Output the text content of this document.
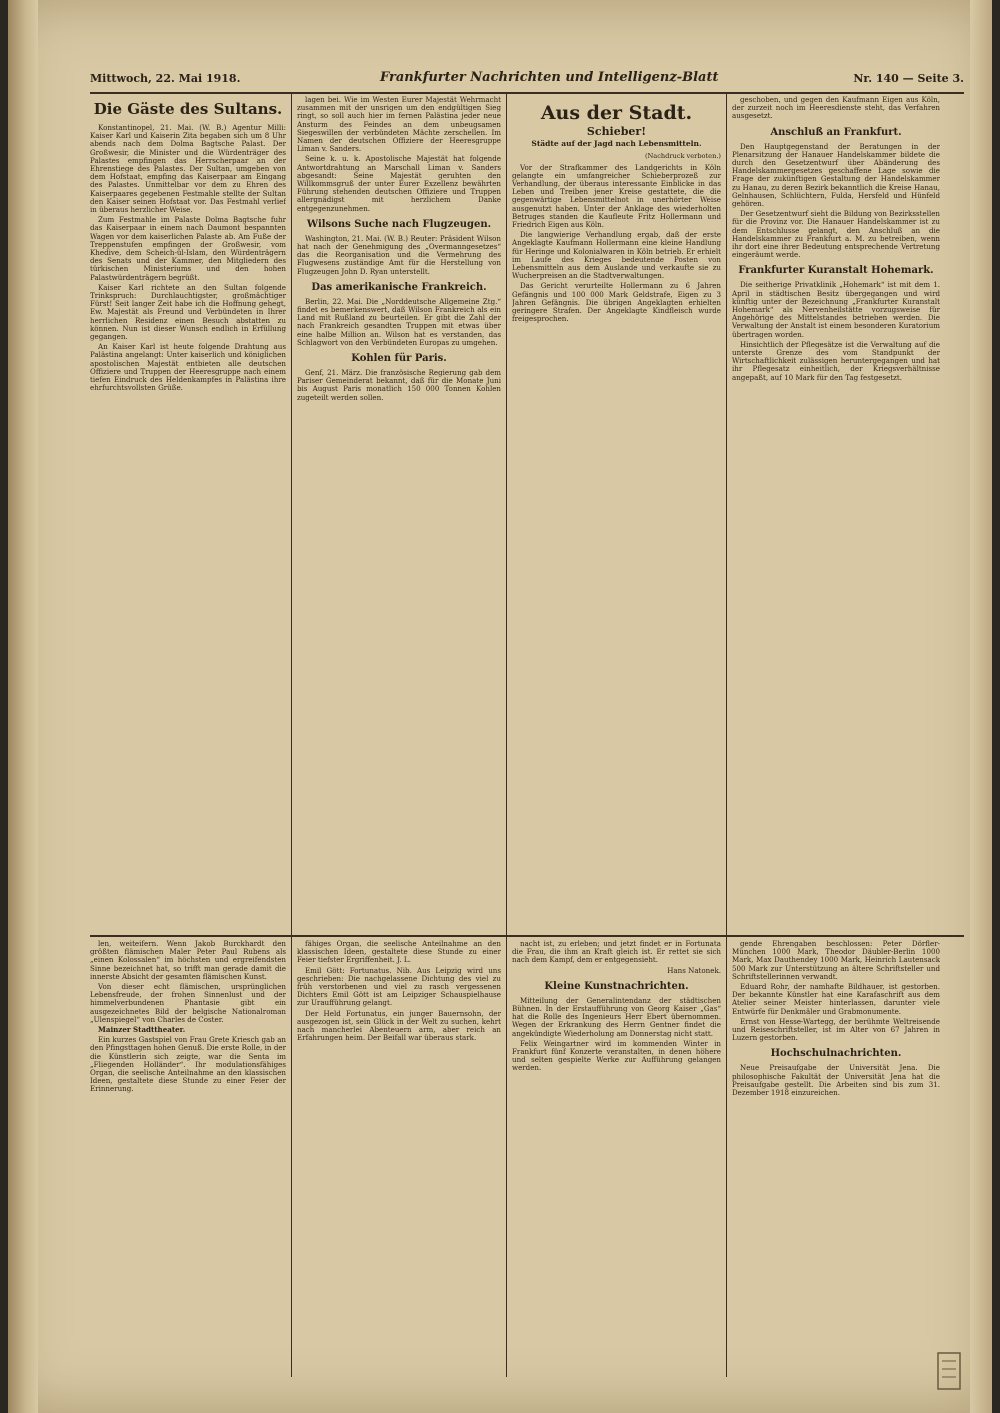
Mittwoch, 22. Mai 1918.	Frankfurter Nachrichten und Intelligenz-Blatt	Nr. 140 — Seite 3.
Die Gäste des Sultans.

Konstantinopel, 21. Mai. (W. B.) Agentur Milli: Kaiser Karl und Kaiserin Zita begaben sich um 8 Uhr abends nach dem Dolma Bagtsche Palast. Der Großwesir, die Minister und die Würdenträger des Palastes empfingen das Herrscherpaar an der Ehrenstiege des Palastes. Der Sultan, umgeben von dem Hofstaat, empfing das Kaiserpaar am Eingang des Palastes. Unmittelbar vor dem zu Ehren des Kaiserpaares gegebenen Festmahle stellte der Sultan den Kaiser seinen Hofstaat vor. Das Festmahl verlief in überaus herzlicher Weise.

Zum Festmahle im Palaste Dolma Bagtsche fuhr das Kaiserpaar in einem nach Daumont bespannten Wagen vor dem kaiserlichen Palaste ab. Am Fuße der Treppenstufen empfingen der Großwesir, vom Khedive, dem Scheich-ül-Islam, den Würdenträgern des Senats und der Kammer, den Mitgliedern des türkischen Ministeriums und den hohen Palastwürdenträgern begrüßt.

Kaiser Karl richtete an den Sultan folgende Trinkspruch: Durchlauchtigster, großmächtiger Fürst! Seit langer Zeit habe ich die Hoffnung gehegt, Ew. Majestät als Freund und Verbündeten in Ihrer herrlichen Residenz einen Besuch abstatten zu können. Nun ist dieser Wunsch endlich in Erfüllung gegangen.

An Kaiser Karl ist heute folgende Drahtung aus Palästina angelangt: Unter kaiserlich und königlichen apostolischen Majestät entbieten alle deutschen Offiziere und Truppen der Heeresgruppe nach einem tiefen Eindruck des Heldenkampfes in Palästina ihre ehrfurchtsvollsten Grüße.

lagen bei. Wie im Westen Eurer Majestät Wehrmacht zusammen mit der unsrigen um den endgültigen Sieg ringt, so soll auch hier im fernen Palästina jeder neue Ansturm des Feindes an dem unbeugsamen Siegeswillen der verbündeten Mächte zerschellen. Im Namen der deutschen Offiziere der Heeresgruppe Liman v. Sanders.

Seine k. u. k. Apostolische Majestät hat folgende Antwortdrahtung an Marschall Liman v. Sanders abgesandt: Seine Majestät geruhten den Willkommsgruß der unter Eurer Exzellenz bewährten Führung stehenden deutschen Offiziere und Truppen allergnädigst mit herzlichem Danke entgegenzunehmen.

Wilsons Suche nach Flugzeugen.

Washington, 21. Mai. (W. B.) Reuter: Präsident Wilson hat nach der Genehmigung des „Overmanngesetzes“ das die Reorganisation und die Vermehrung des Flugwesens zuständige Amt für die Herstellung von Flugzeugen John D. Ryan unterstellt.

Das amerikanische Frankreich.

Berlin, 22. Mai. Die „Norddeutsche Allgemeine Ztg.“ findet es bemerkenswert, daß Wilson Frankreich als ein Land mit Rußland zu beurteilen. Er gibt die Zahl der nach Frankreich gesandten Truppen mit etwas über eine halbe Million an. Wilson hat es verstanden, das Schlagwort von den Verbündeten Europas zu umgehen.

Kohlen für Paris.

Genf, 21. März. Die französische Regierung gab dem Pariser Gemeinderat bekannt, daß für die Monate Juni bis August Paris monatlich 150 000 Tonnen Kohlen zugeteilt werden sollen.

Aus der Stadt.
Schieber!
Städte auf der Jagd nach Lebensmitteln.
(Nachdruck verboten.)

Vor der Strafkammer des Landgerichts in Köln gelangte ein umfangreicher Schieberprozeß zur Verhandlung, der überaus interessante Einblicke in das Leben und Treiben jener Kreise gestattete, die die gegenwärtige Lebensmittelnot in unerhörter Weise ausgenutzt haben. Unter der Anklage des wiederholten Betruges standen die Kaufleute Fritz Hollermann und Friedrich Eigen aus Köln.

Die langwierige Verhandlung ergab, daß der erste Angeklagte Kaufmann Hollermann eine kleine Handlung für Heringe und Kolonialwaren in Köln betrieb. Er erhielt im Laufe des Krieges bedeutende Posten von Lebensmitteln aus dem Auslande und verkaufte sie zu Wucherpreisen an die Stadtverwaltungen.

Das Gericht verurteilte Hollermann zu 6 Jahren Gefängnis und 100 000 Mark Geldstrafe, Eigen zu 3 Jahren Gefängnis. Die übrigen Angeklagten erhielten geringere Strafen. Der Angeklagte Kindfleisch wurde freigesprochen.

geschoben, und gegen den Kaufmann Eigen aus Köln, der zurzeit noch im Heeresdienste steht, das Verfahren ausgesetzt.

Anschluß an Frankfurt.

Den Hauptgegenstand der Beratungen in der Plenarsitzung der Hanauer Handelskammer bildete die durch den Gesetzentwurf über Abänderung des Handelskammergesetzes geschaffene Lage sowie die Frage der zukünftigen Gestaltung der Handelskammer zu Hanau, zu deren Bezirk bekanntlich die Kreise Hanau, Gelnhausen, Schlüchtern, Fulda, Hersfeld und Hünfeld gehören.

Der Gesetzentwurf sieht die Bildung von Bezirksstellen für die Provinz vor. Die Hanauer Handelskammer ist zu dem Entschlusse gelangt, den Anschluß an die Handelskammer zu Frankfurt a. M. zu betreiben, wenn ihr dort eine ihrer Bedeutung entsprechende Vertretung eingeräumt werde.

Frankfurter Kuranstalt Hohemark.

Die seitherige Privatklinik „Hohemark“ ist mit dem 1. April in städtischen Besitz übergegangen und wird künftig unter der Bezeichnung „Frankfurter Kuranstalt Hohemark“ als Nervenheilstätte vorzugsweise für Angehörige des Mittelstandes betrieben werden. Die Verwaltung der Anstalt ist einem besonderen Kuratorium übertragen worden.

Hinsichtlich der Pflegesätze ist die Verwaltung auf die unterste Grenze des vom Standpunkt der Wirtschaftlichkeit zulässigen heruntergegangen und hat ihr Pflegesatz einheitlich, der Kriegsverhältnisse angepaßt, auf 10 Mark für den Tag festgesetzt.

len, weiteifern. Wenn Jakob Burckhardt den größten flämischen Maler Peter Paul Rubens als „einen Kolossalen“ im höchsten und ergreifendsten Sinne bezeichnet hat, so trifft man gerade damit die innerste Absicht der gesamten flämischen Kunst.

Von dieser echt flämischen, ursprünglichen Lebensfreude, der frohen Sinnenlust und der himmelverbundenen Phantasie gibt ein ausgezeichnetes Bild der belgische Nationalroman „Ulenspiegel“ von Charles de Coster.

Mainzer Stadttheater.

Ein kurzes Gastspiel von Frau Grete Kriesch gab an den Pfingsttagen hohen Genuß. Die erste Rolle, in der die Künstlerin sich zeigte, war die Senta im „Fliegenden Holländer“. Ihr modulationsfähiges Organ, die seelische Anteilnahme an den klassischen Ideen, gestaltete diese Stunde zu einer Feier der Erinnerung.

fähiges Organ, die seelische Anteilnahme an den klassischen Ideen, gestaltete diese Stunde zu einer Feier tiefster Ergriffenheit. J. L.

Emil Gött: Fortunatus. Nib. Aus Leipzig wird uns geschrieben: Die nachgelassene Dichtung des viel zu früh verstorbenen und viel zu rasch vergessenen Dichters Emil Gött ist am Leipziger Schauspielhause zur Uraufführung gelangt.

Der Held Fortunatus, ein junger Bauernsohn, der ausgezogen ist, sein Glück in der Welt zu suchen, kehrt nach mancherlei Abenteuern arm, aber reich an Erfahrungen heim. Der Beifall war überaus stark.

nacht ist, zu erleben; und jetzt findet er in Fortunata die Frau, die ihm an Kraft gleich ist. Er rettet sie sich nach dem Kampf, dem er entgegensieht.

Hans Natonek.
Kleine Kunstnachrichten.

Mitteilung der Generalintendanz der städtischen Bühnen. In der Erstaufführung von Georg Kaiser „Gas“ hat die Rolle des Ingenieurs Herr Ebert übernommen. Wegen der Erkrankung des Herrn Gentner findet die angekündigte Wiederholung am Donnerstag nicht statt.

Felix Weingartner wird im kommenden Winter in Frankfurt fünf Konzerte veranstalten, in denen höhere und selten gespielte Werke zur Aufführung gelangen werden.

gende Ehrengaben beschlossen: Peter Dörfler-München 1000 Mark, Theodor Däubler-Berlin 1000 Mark, Max Dauthendey 1000 Mark, Heinrich Lautensack 500 Mark zur Unterstützung an ältere Schriftsteller und Schriftstellerinnen verwandt.

Eduard Rohr, der namhafte Bildhauer, ist gestorben. Der bekannte Künstler hat eine Karafaschrift aus dem Atelier seiner Meister hinterlassen, darunter viele Entwürfe für Denkmäler und Grabmonumente.

Ernst von Hesse-Wartegg, der berühmte Weltreisende und Reiseschriftsteller, ist im Alter von 67 Jahren in Luzern gestorben.

Hochschulnachrichten.

Neue Preisaufgabe der Universität Jena. Die philosophische Fakultät der Universität Jena hat die Preisaufgabe gestellt. Die Arbeiten sind bis zum 31. Dezember 1918 einzureichen.
